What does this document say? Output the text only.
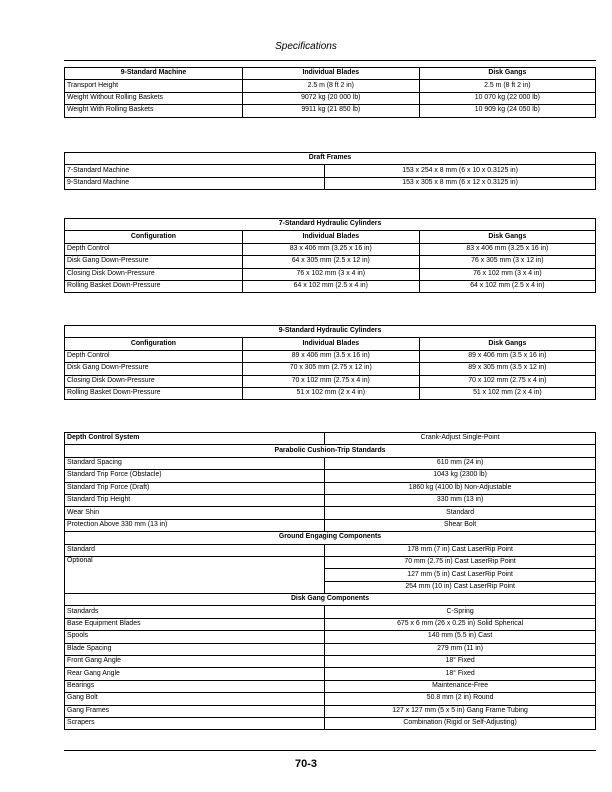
Specifications
9-Standard Machine	Individual Blades	Disk Gangs
Transport Height	2.5 m (8 ft 2 in)	2.5 m (8 ft 2 in)
Weight Without Rolling Baskets	9072 kg (20 000 lb)	10 070 kg (22 000 lb)
Weight With Rolling Baskets	9911 kg (21 850 lb)	10 909 kg (24 050 lb)
Draft Frames	
7-Standard Machine	153 x 254 x 8 mm (6 x 10 x 0.3125 in)
9-Standard Machine	153 x 305 x 8 mm (6 x 12 x 0.3125 in)
7-Standard Hydraulic Cylinders		
Configuration	Individual Blades	Disk Gangs
Depth Control	83 x 406 mm (3.25 x 16 in)	83 x 406 mm (3.25 x 16 in)
Disk Gang Down-Pressure	64 x 305 mm (2.5 x 12 in)	76 x 305 mm (3 x 12 in)
Closing Disk Down-Pressure	76 x 102 mm (3 x 4 in)	76 x 102 mm (3 x 4 in)
Rolling Basket Down-Pressure	64 x 102 mm (2.5 x 4 in)	64 x 102 mm (2.5 x 4 in)
9-Standard Hydraulic Cylinders		
Configuration	Individual Blades	Disk Gangs
Depth Control	89 x 406 mm (3.5 x 16 in)	89 x 406 mm (3.5 x 16 in)
Disk Gang Down-Pressure	70 x 305 mm (2.75 x 12 in)	89 x 305 mm (3.5 x 12 in)
Closing Disk Down-Pressure	70 x 102 mm (2.75 x 4 in)	70 x 102 mm (2.75 x 4 in)
Rolling Basket Down-Pressure	51 x 102 mm (2 x 4 in)	51 x 102 mm (2 x 4 in)
Depth Control System	Crank-Adjust Single-Point
Parabolic Cushion-Trip Standards	
Standard Spacing	610 mm (24 in)
Standard Trip Force (Obstacle)	1043 kg (2300 lb)
Standard Trip Force (Draft)	1860 kg (4100 lb) Non-Adjustable
Standard Trip Height	330 mm (13 in)
Wear Shin	Standard
Protection Above 330 mm (13 in)	Shear Bolt
Ground Engaging Components	
Standard	178 mm (7 in) Cast LaserRip Point
Optional	70 mm (2.75 in) Cast LaserRip Point
	127 mm (5 in) Cast LaserRip Point
	254 mm (10 in) Cast LaserRip Point
Disk Gang Components	
Standards	C-Spring
Base Equipment Blades	675 x 6 mm (26 x 0.25 in) Solid Spherical
Spools	140 mm (5.5 in) Cast
Blade Spacing	279 mm (11 in)
Front Gang Angle	18° Fixed
Rear Gang Angle	18° Fixed
Bearings	Maintenance-Free
Gang Bolt	50.8 mm (2 in) Round
Gang Frames	127 x 127 mm (5 x 5 in) Gang Frame Tubing
Scrapers	Combination (Rigid or Self-Adjusting)
70-3
